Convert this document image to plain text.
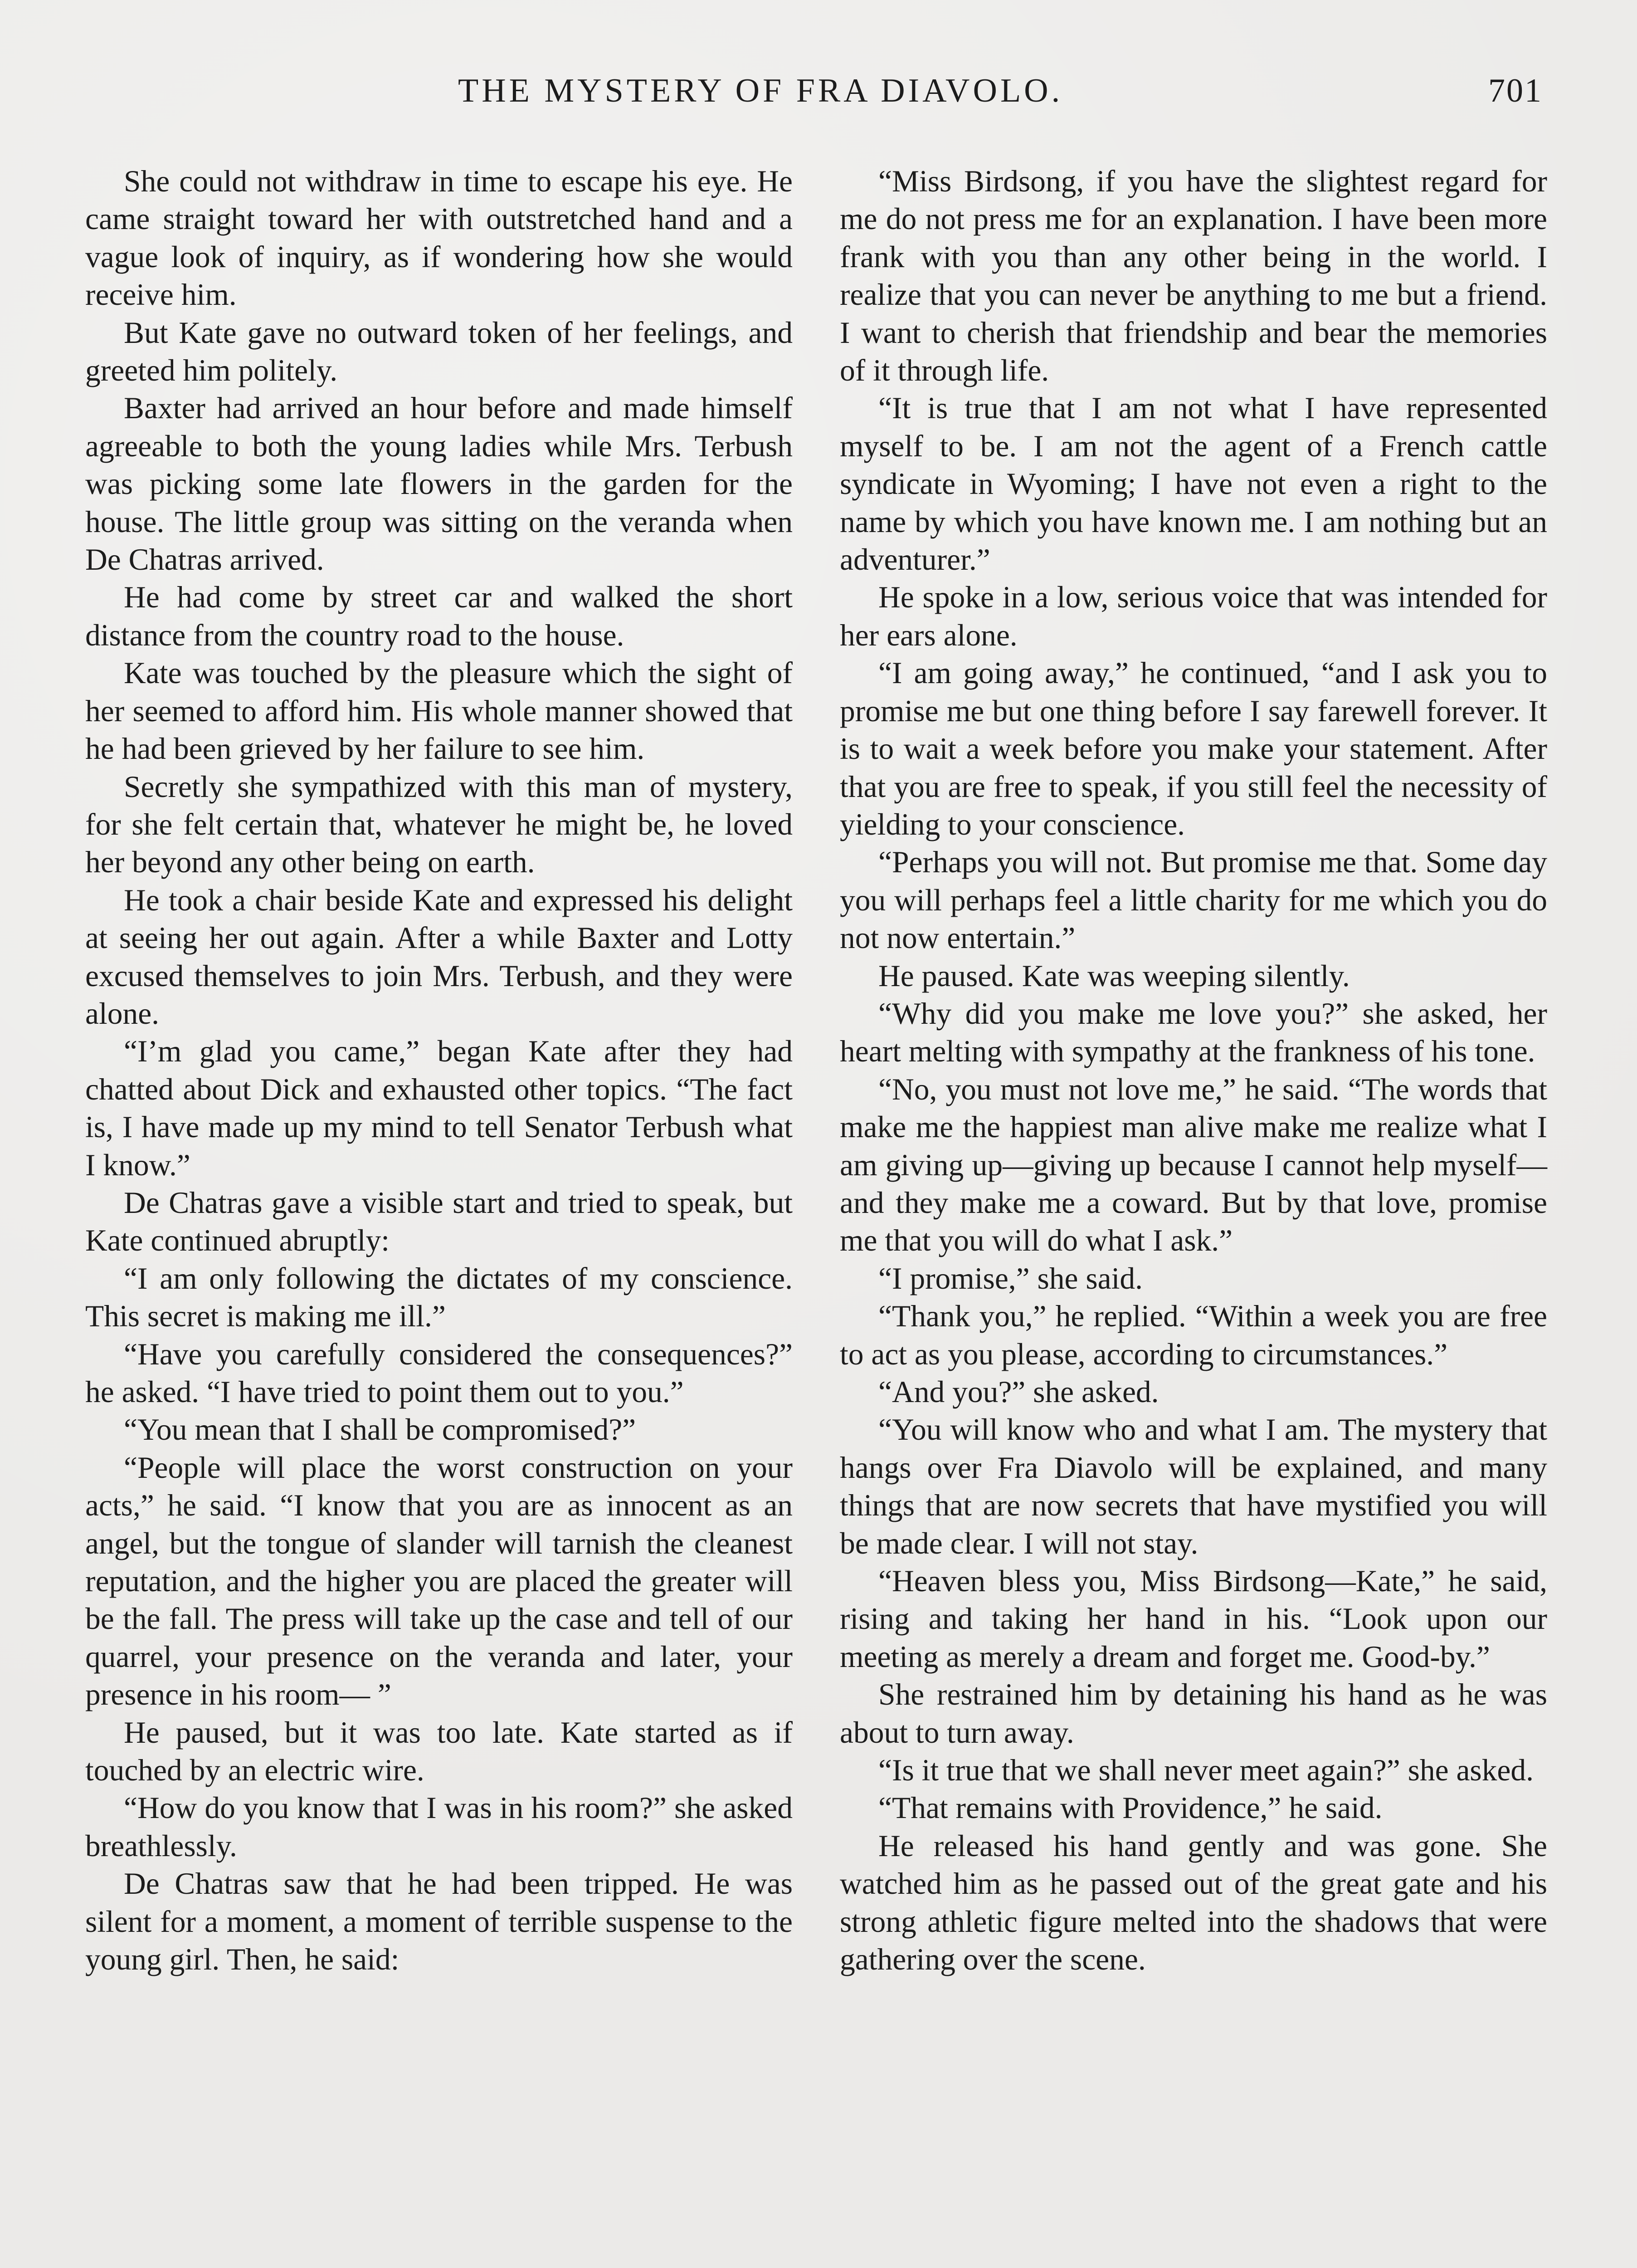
THE MYSTERY OF FRA DIAVOLO.	701

She could not withdraw in time to escape his eye. He came straight toward her with outstretched hand and a vague look of inquiry, as if wondering how she would receive him.

But Kate gave no outward token of her feelings, and greeted him politely.

Baxter had arrived an hour before and made himself agreeable to both the young ladies while Mrs. Terbush was picking some late flowers in the garden for the house. The little group was sitting on the veranda when De Chatras arrived.

He had come by street car and walked the short distance from the country road to the house.

Kate was touched by the pleasure which the sight of her seemed to afford him. His whole manner showed that he had been grieved by her failure to see him.

Secretly she sympathized with this man of mystery, for she felt certain that, whatever he might be, he loved her beyond any other being on earth.

He took a chair beside Kate and expressed his delight at seeing her out again. After a while Baxter and Lotty excused themselves to join Mrs. Terbush, and they were alone.

“I’m glad you came,” began Kate after they had chatted about Dick and exhausted other topics. “The fact is, I have made up my mind to tell Senator Terbush what I know.”

De Chatras gave a visible start and tried to speak, but Kate continued abruptly:

“I am only following the dictates of my conscience. This secret is making me ill.”

“Have you carefully considered the consequences?” he asked. “I have tried to point them out to you.”

“You mean that I shall be compromised?”

“People will place the worst construction on your acts,” he said. “I know that you are as innocent as an angel, but the tongue of slander will tarnish the cleanest reputation, and the higher you are placed the greater will be the fall. The press will take up the case and tell of our quarrel, your presence on the veranda and later, your presence in his room— ”

He paused, but it was too late. Kate started as if touched by an electric wire.

“How do you know that I was in his room?” she asked breathlessly.

De Chatras saw that he had been tripped. He was silent for a moment, a moment of terrible suspense to the young girl. Then, he said:

“Miss Birdsong, if you have the slightest regard for me do not press me for an explanation. I have been more frank with you than any other being in the world. I realize that you can never be anything to me but a friend. I want to cherish that friendship and bear the memories of it through life.

“It is true that I am not what I have represented myself to be. I am not the agent of a French cattle syndicate in Wyoming; I have not even a right to the name by which you have known me. I am nothing but an adventurer.”

He spoke in a low, serious voice that was intended for her ears alone.

“I am going away,” he continued, “and I ask you to promise me but one thing before I say farewell forever. It is to wait a week before you make your statement. After that you are free to speak, if you still feel the necessity of yielding to your conscience.

“Perhaps you will not. But promise me that. Some day you will perhaps feel a little charity for me which you do not now entertain.”

He paused. Kate was weeping silently.

“Why did you make me love you?” she asked, her heart melting with sympathy at the frankness of his tone.

“No, you must not love me,” he said. “The words that make me the happiest man alive make me realize what I am giving up—giving up because I cannot help myself—and they make me a coward. But by that love, promise me that you will do what I ask.”

“I promise,” she said.

“Thank you,” he replied. “Within a week you are free to act as you please, according to circumstances.”

“And you?” she asked.

“You will know who and what I am. The mystery that hangs over Fra Diavolo will be explained, and many things that are now secrets that have mystified you will be made clear. I will not stay.

“Heaven bless you, Miss Birdsong—Kate,” he said, rising and taking her hand in his. “Look upon our meeting as merely a dream and forget me. Good-by.”

She restrained him by detaining his hand as he was about to turn away.

“Is it true that we shall never meet again?” she asked.

“That remains with Providence,” he said.

He released his hand gently and was gone. She watched him as he passed out of the great gate and his strong athletic figure melted into the shadows that were gathering over the scene.
